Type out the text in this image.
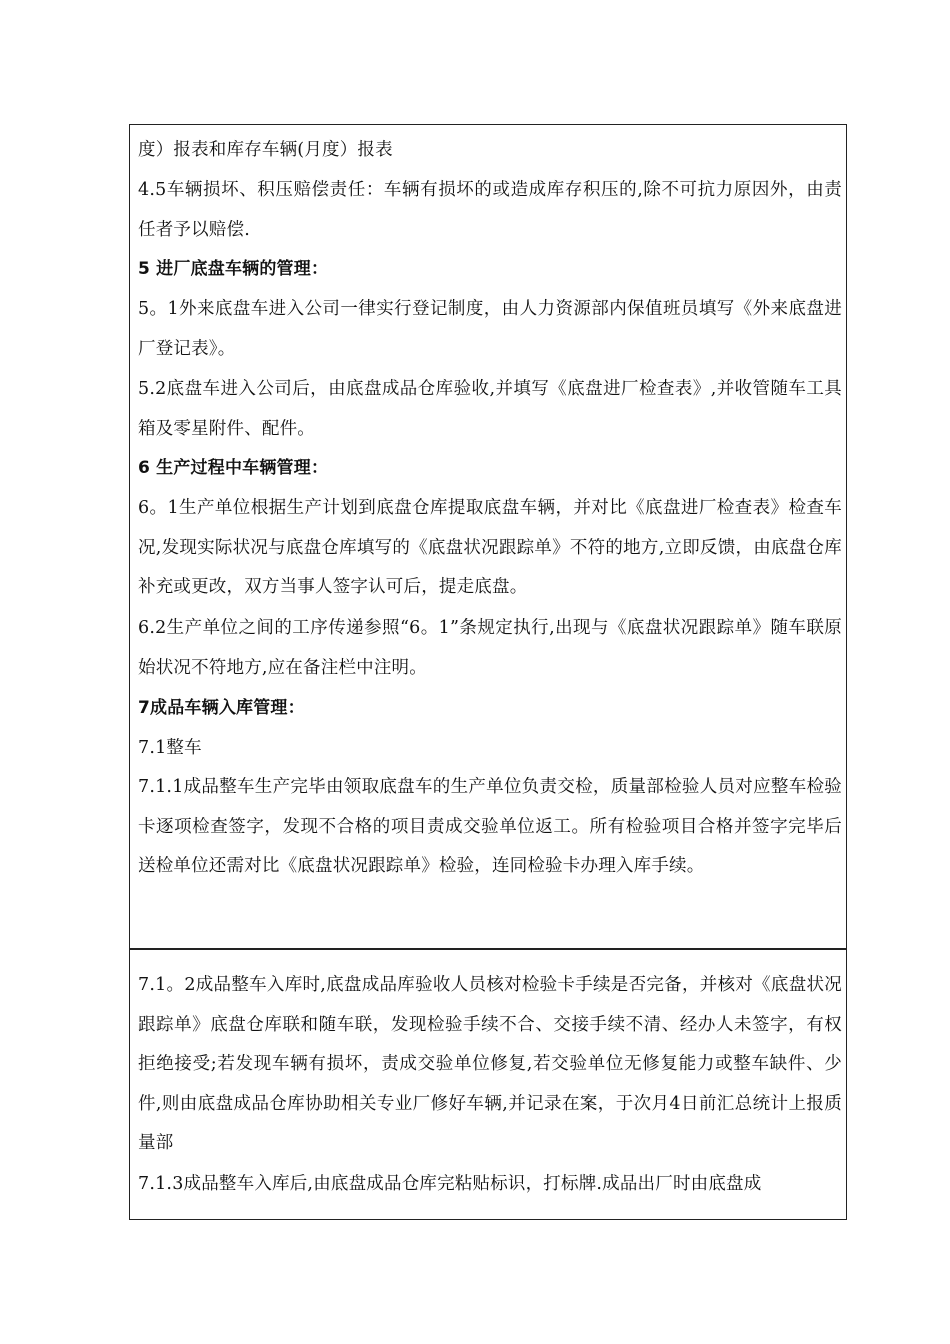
度）报表和库存车辆(月度）报表
4.5车辆损坏、积压赔偿责任：车辆有损坏的或造成库存积压的,除不可抗力原因外，由责任者予以赔偿.
5 进厂底盘车辆的管理：
5。1外来底盘车进入公司一律实行登记制度，由人力资源部内保值班员填写《外来底盘进厂登记表》。
5.2底盘车进入公司后，由底盘成品仓库验收,并填写《底盘进厂检查表》,并收管随车工具箱及零星附件、配件。
6 生产过程中车辆管理：
6。1生产单位根据生产计划到底盘仓库提取底盘车辆，并对比《底盘进厂检查表》检查车况,发现实际状况与底盘仓库填写的《底盘状况跟踪单》不符的地方,立即反馈，由底盘仓库补充或更改，双方当事人签字认可后，提走底盘。
6.2生产单位之间的工序传递参照“6。1”条规定执行,出现与《底盘状况跟踪单》随车联原始状况不符地方,应在备注栏中注明。
7成品车辆入库管理：
7.1整车
7.1.1成品整车生产完毕由领取底盘车的生产单位负责交检，质量部检验人员对应整车检验卡逐项检查签字，发现不合格的项目责成交验单位返工。所有检验项目合格并签字完毕后送检单位还需对比《底盘状况跟踪单》检验，连同检验卡办理入库手续。
7.1。2成品整车入库时,底盘成品库验收人员核对检验卡手续是否完备，并核对《底盘状况跟踪单》底盘仓库联和随车联，发现检验手续不合、交接手续不清、经办人未签字，有权拒绝接受;若发现车辆有损坏，责成交验单位修复,若交验单位无修复能力或整车缺件、少件,则由底盘成品仓库协助相关专业厂修好车辆,并记录在案，于次月4日前汇总统计上报质量部
7.1.3成品整车入库后,由底盘成品仓库完粘贴标识，打标牌.成品出厂时由底盘成
